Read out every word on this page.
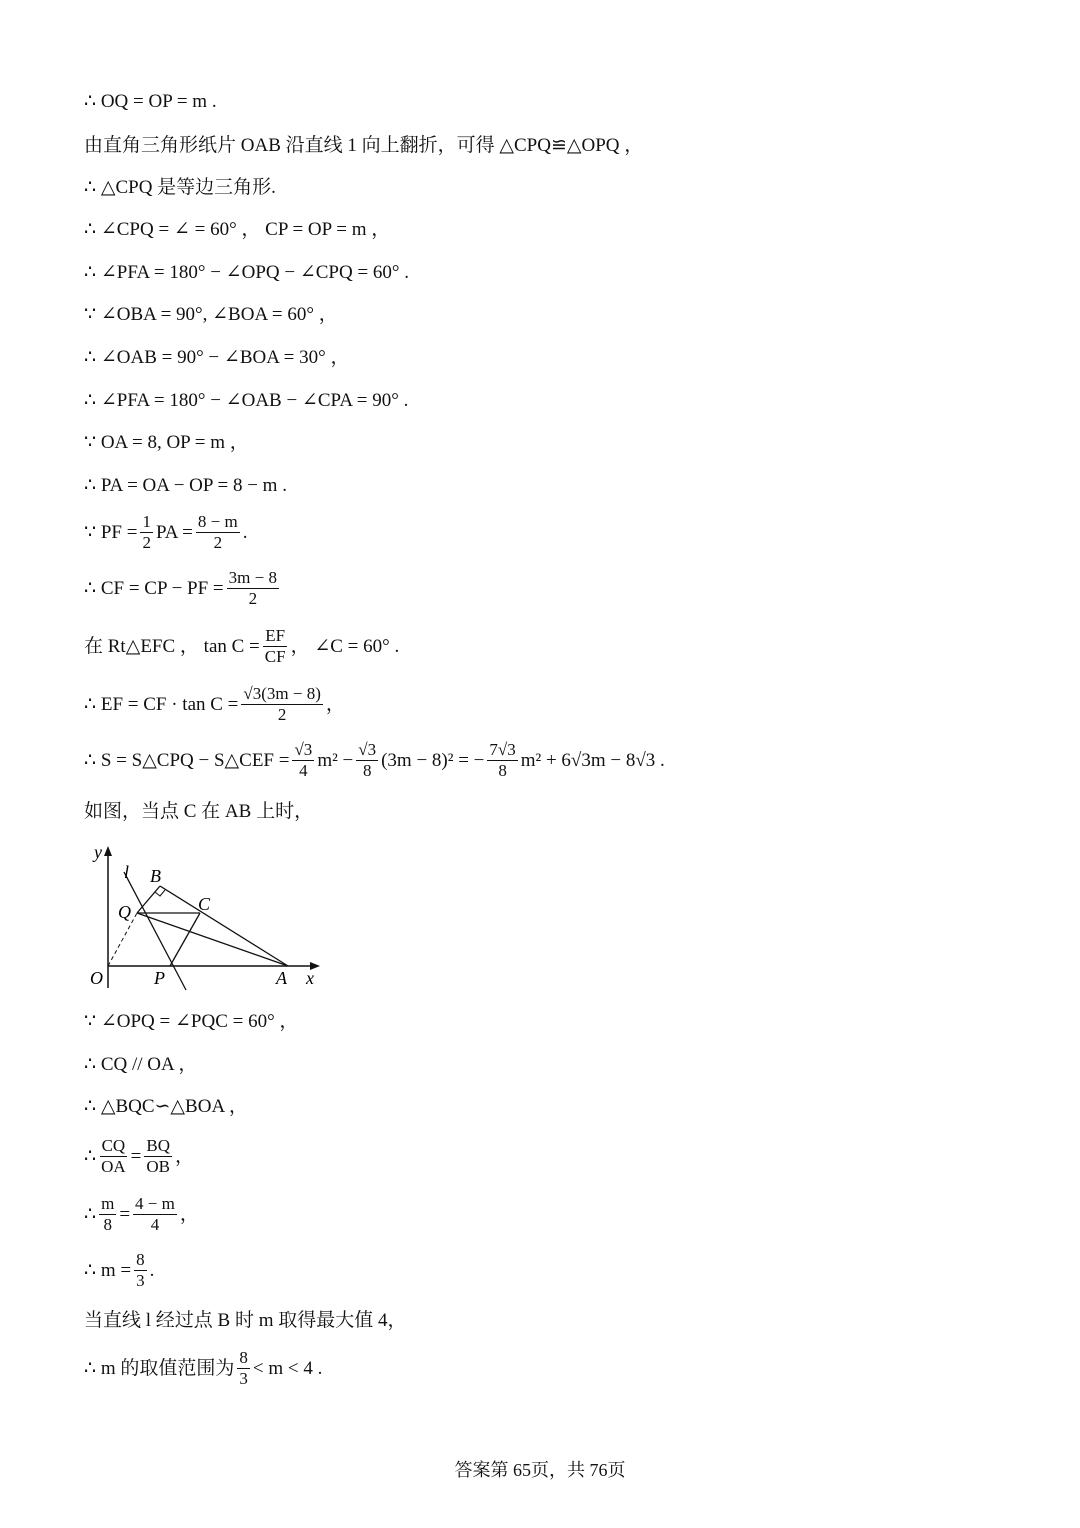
∴ OQ = OP = m .
由直角三角形纸片 OAB 沿直线 1 向上翻折，可得 △CPQ≌△OPQ ，
∴ △CPQ 是等边三角形.
∴ ∠CPQ = ∠ = 60° ， CP = OP = m ，
∴ ∠PFA = 180° − ∠OPQ − ∠CPQ = 60° .
∵ ∠OBA = 90°, ∠BOA = 60° ，
∴ ∠OAB = 90° − ∠BOA = 30° ，
∴ ∠PFA = 180° − ∠OAB − ∠CPA = 90° .
∵ OA = 8, OP = m ，
∴ PA = OA − OP = 8 − m .
∵ PF = $\frac{1}{2}$ PA = $\frac{8 - m}{2}$ .
∴ CF = CP − PF = $\frac{3m - 8}{2}$
在 Rt△EFC ， $\tan C = \frac{EF}{CF}$ ， ∠C = 60° .
∴ EF = CF · $\tan C = \frac{√3(3m - 8)}{2}$ ，
∴ S = S△CPQ − S△CEF = $\frac{√3}{4} m^2 - \frac{√3}{8} (3m - 8)^2$ = − $\frac{7√3}{8} m^2 + 6√3m - 8√3$ .
如图，当点 C 在 AB 上时，
y
l B
Q	C
O	P	A x
∵ ∠OPQ = ∠PQC = 60° ，
∴ CQ // OA ，
∴ △BQC∽△BOA ，
∴ $\frac{CQ}{OA} = \frac{BQ}{OB}$ ，
∴ $\frac{m}{8} = \frac{4 - m}{4}$ ，
∴ $m = \frac{8}{3}$ .
当直线 l 经过点 B 时 m 取得最大值 4，
∴ m 的取值范围为 $\frac{8}{3} < m < 4$ .
答案第 65页，共 76页
